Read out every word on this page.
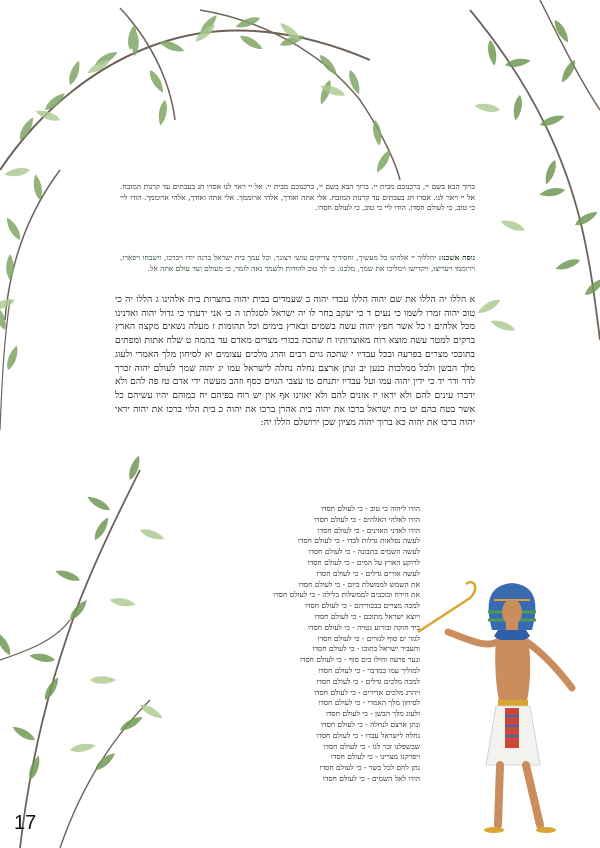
ברוך הבא בשם יי, ברכנוכם מבית יי. ברוך הבא בשם יי, ברכנוכם מבית יי. אל יי ויאר לנו אסרו חג בעבתים עד קרנות המזבח. אל יי ויאר לנו. אסרו חג בעבתים עד קרנות המזבח. אלי אתה ואודך, אלהי ארוממך. אלי אתה ואודך, אלהי ארוממך. הודו ליי כי טוב, כי לעולם חסדו. הודו ליי כי טוב, כי לעולם חסדו.
נוסח אשכנז: יהללוך יי אלהינו כל מעשיך, וחסידיך צדיקים עושי רצונך, וכל עמך בית ישראל ברנה יודו ויברכו, וישבחו ויפארו, וירוממו ויעריצו, ויקדישו וימליכו את שמך, מלכנו. כי לך טוב להודות ולשמך נאה לזמר, כי מעולם ועד עולם אתה אל.
א הללו יה הללו את שם יהוה הללו עבדי יהוה ב שעמדים בבית יהוה בחצרות בית אלהינו ג הללו יה כי טוב יהוה זמרו לשמו כי נעים ד כי יעקב בחר לו יה ישראל לסגלתו ה כי אני ידעתי כי גדול יהוה ואדנינו מכל אלהים ו כל אשר חפץ יהוה עשה בשמים ובארץ בימים וכל תהומות ז מעלה נשאים מקצה הארץ ברקים למטר עשה מוצא רוח מאוצרותיו ח שהכה בכורי מצרים מאדם עד בהמה ט שלח אתות ומפתים בתוככי מצרים בפרעה ובכל עבדיו י שהכה גוים רבים והרג מלכים עצומים יא לסיחון מלך האמרי ולעוג מלך הבשן ולכל ממלכות כנען יב ונתן ארצם נחלה נחלה לישראל עמו יג יהוה שמך לעולם יהוה זכרך לדר ודר יד כי ידין יהוה עמו ועל עבדיו יתנחם טו עצבי הגוים כסף וזהב מעשה ידי אדם טז פה להם ולא ידברו עינים להם ולא יראו יז אזנים להם ולא יאזינו אף אין יש רוח בפיהם יח כמוהם יהיו עשיהם כל אשר בטח בהם יט בית ישראל ברכו את יהוה בית אהרן ברכו את יהוה כ בית הלוי ברכו את יהוה יראי יהוה ברכו את יהוה כא ברוך יהוה מציון שכן ירושלם הללו יה:
הודו ליהוה כי טוב - כי לעולם חסדו
הודו לאלהי האלהים - כי לעולם חסדו
הודו לאדני האדנים - כי לעולם חסדו
לעשה נפלאות גדלות לבדו - כי לעולם חסדו
לעשה השמים בתבונה - כי לעולם חסדו
לרוקע הארץ על המים - כי לעולם חסדו
לעשה אורים גדלים - כי לעולם חסדו
את השמש לממשלת ביום - כי לעולם חסדו
את הירח וכוכבים לממשלות בלילה - כי לעולם חסדו
למכה מצרים בבכוריהם - כי לעולם חסדו
ויוצא ישראל מתוכם - כי לעולם חסדו
ביד חזקה ובזרוע נטויה - כי לעולם חסדו
לגזר ים סוף לגזרים - כי לעולם חסדו
והעביר ישראל בתוכו - כי לעולם חסדו
ונער פרעה וחילו בים סוף - כי לעולם חסדו
למוליך עמו במדבר - כי לעולם חסדו
למכה מלכים גדלים - כי לעולם חסדו
ויהרג מלכים אדירים - כי לעולם חסדו
לסיחון מלך האמרי - כי לעולם חסדו
ולעוג מלך הבשן - כי לעולם חסדו
ונתן ארצם לנחלה - כי לעולם חסדו
נחלה לישראל עבדו - כי לעולם חסדו
שבשפלנו זכר לנו - כי לעולם חסדו
ויפרקנו מצרינו - כי לעולם חסדו
נתן לחם לכל בשר - כי לעולם חסדו
הודו לאל השמים - כי לעולם חסדו
17
